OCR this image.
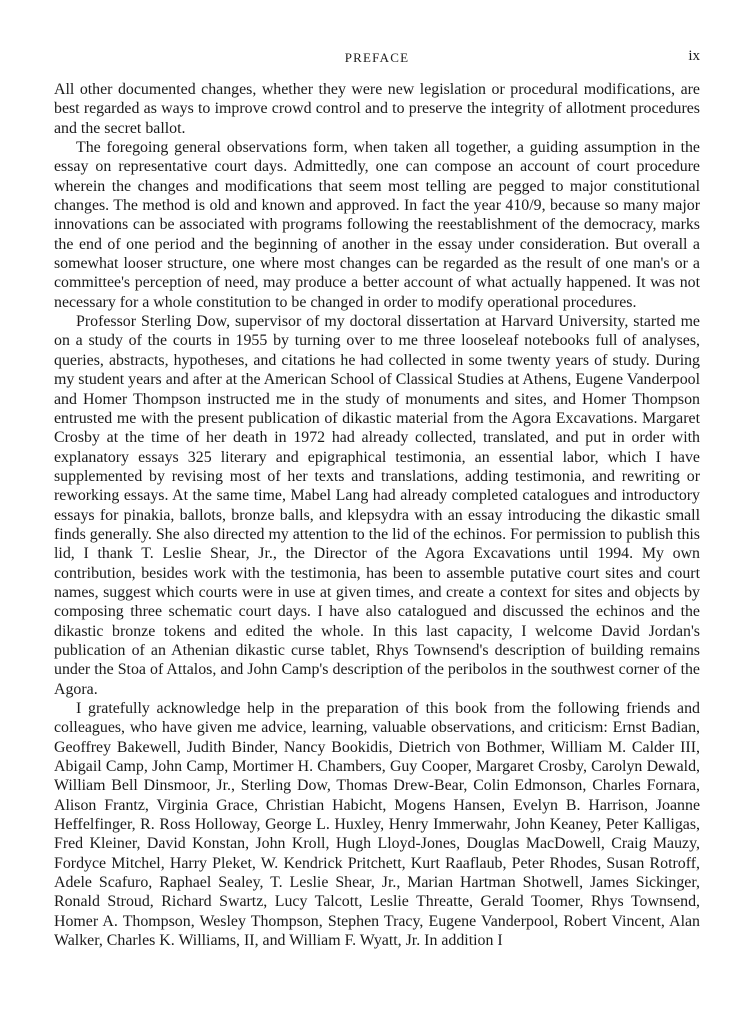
PREFACE	ix

All other documented changes, whether they were new legislation or procedural modifications, are best regarded as ways to improve crowd control and to preserve the integrity of allotment procedures and the secret ballot.

The foregoing general observations form, when taken all together, a guiding assumption in the essay on representative court days. Admittedly, one can compose an account of court procedure wherein the changes and modifications that seem most telling are pegged to major constitutional changes. The method is old and known and approved. In fact the year 410/9, because so many major innovations can be associated with programs following the reestablishment of the democracy, marks the end of one period and the beginning of another in the essay under consideration. But overall a somewhat looser structure, one where most changes can be regarded as the result of one man's or a committee's perception of need, may produce a better account of what actually happened. It was not necessary for a whole constitution to be changed in order to modify operational procedures.

Professor Sterling Dow, supervisor of my doctoral dissertation at Harvard University, started me on a study of the courts in 1955 by turning over to me three looseleaf notebooks full of analyses, queries, abstracts, hypotheses, and citations he had collected in some twenty years of study. During my student years and after at the American School of Classical Studies at Athens, Eugene Vanderpool and Homer Thompson instructed me in the study of monuments and sites, and Homer Thompson entrusted me with the present publication of dikastic material from the Agora Excavations. Margaret Crosby at the time of her death in 1972 had already collected, translated, and put in order with explanatory essays 325 literary and epigraphical testimonia, an essential labor, which I have supplemented by revising most of her texts and translations, adding testimonia, and rewriting or reworking essays. At the same time, Mabel Lang had already completed catalogues and introductory essays for pinakia, ballots, bronze balls, and klepsydra with an essay introducing the dikastic small finds generally. She also directed my attention to the lid of the echinos. For permission to publish this lid, I thank T. Leslie Shear, Jr., the Director of the Agora Excavations until 1994. My own contribution, besides work with the testimonia, has been to assemble putative court sites and court names, suggest which courts were in use at given times, and create a context for sites and objects by composing three schematic court days. I have also catalogued and discussed the echinos and the dikastic bronze tokens and edited the whole. In this last capacity, I welcome David Jordan's publication of an Athenian dikastic curse tablet, Rhys Townsend's description of building remains under the Stoa of Attalos, and John Camp's description of the peribolos in the southwest corner of the Agora.

I gratefully acknowledge help in the preparation of this book from the following friends and colleagues, who have given me advice, learning, valuable observations, and criticism: Ernst Badian, Geoffrey Bakewell, Judith Binder, Nancy Bookidis, Dietrich von Bothmer, William M. Calder III, Abigail Camp, John Camp, Mortimer H. Chambers, Guy Cooper, Margaret Crosby, Carolyn Dewald, William Bell Dinsmoor, Jr., Sterling Dow, Thomas Drew-Bear, Colin Edmonson, Charles Fornara, Alison Frantz, Virginia Grace, Christian Habicht, Mogens Hansen, Evelyn B. Harrison, Joanne Heffelfinger, R. Ross Holloway, George L. Huxley, Henry Immerwahr, John Keaney, Peter Kalligas, Fred Kleiner, David Konstan, John Kroll, Hugh Lloyd-Jones, Douglas MacDowell, Craig Mauzy, Fordyce Mitchel, Harry Pleket, W. Kendrick Pritchett, Kurt Raaflaub, Peter Rhodes, Susan Rotroff, Adele Scafuro, Raphael Sealey, T. Leslie Shear, Jr., Marian Hartman Shotwell, James Sickinger, Ronald Stroud, Richard Swartz, Lucy Talcott, Leslie Threatte, Gerald Toomer, Rhys Townsend, Homer A. Thompson, Wesley Thompson, Stephen Tracy, Eugene Vanderpool, Robert Vincent, Alan Walker, Charles K. Williams, II, and William F. Wyatt, Jr. In addition I
